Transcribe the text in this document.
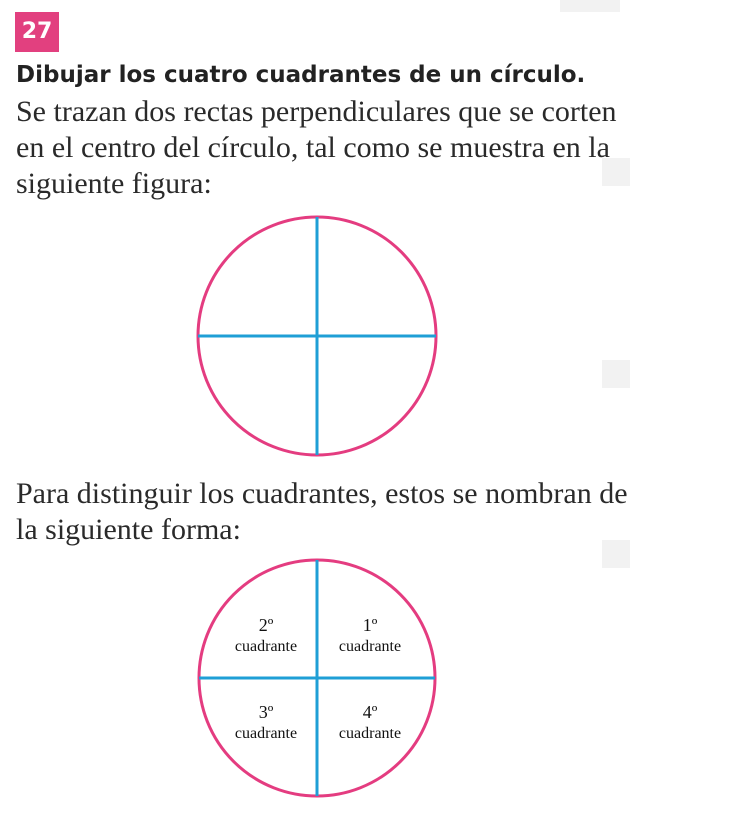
27
Dibujar los cuatro cuadrantes de un círculo.
Se trazan dos rectas perpendiculares que se corten
en el centro del círculo, tal como se muestra en la
siguiente figura:
Para distinguir los cuadrantes, estos se nombran de
la siguiente forma:
2º
cuadrante
1º
cuadrante
3º
cuadrante
4º
cuadrante
